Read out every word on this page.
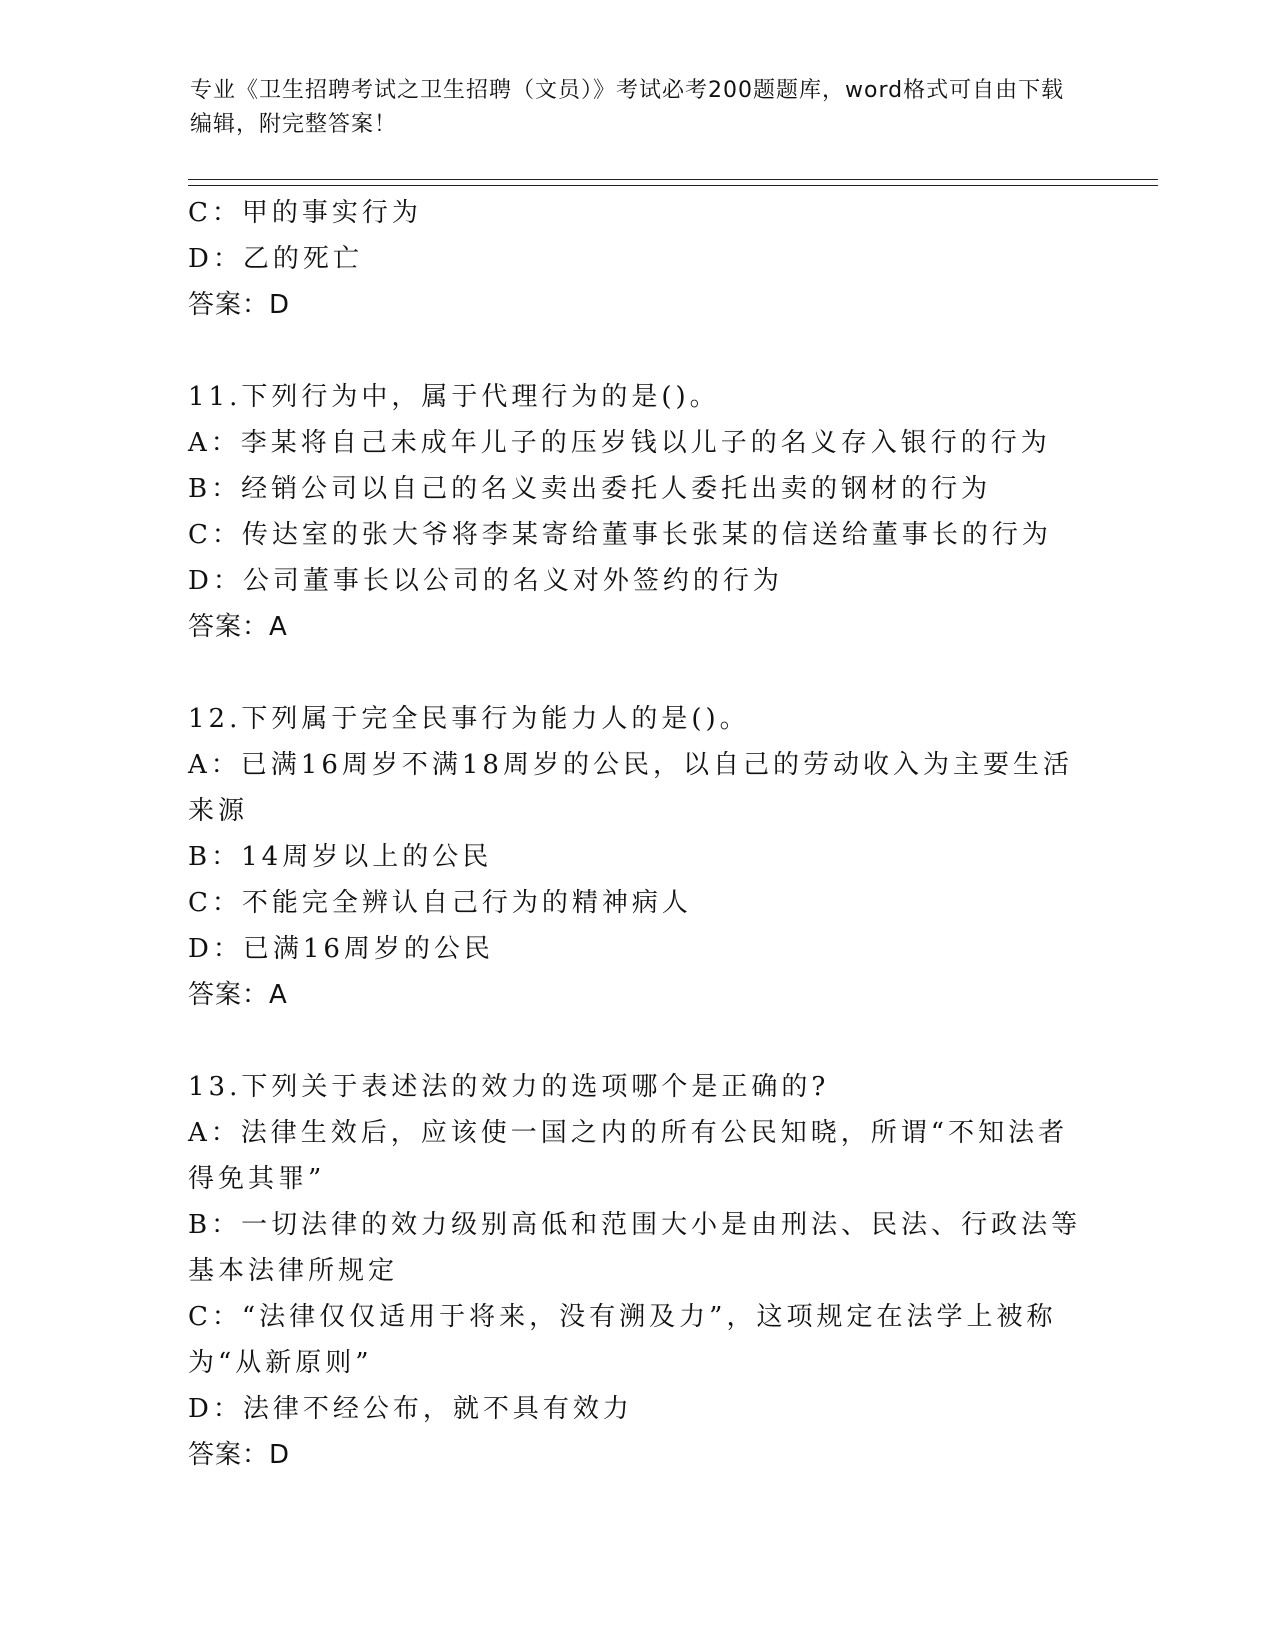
专业《卫生招聘考试之卫生招聘（文员）》考试必考200题题库，word格式可自由下载编辑，附完整答案！
C：甲的事实行为
D：乙的死亡
答案：D
11.下列行为中，属于代理行为的是()。
A：李某将自己未成年儿子的压岁钱以儿子的名义存入银行的行为
B：经销公司以自己的名义卖出委托人委托出卖的钢材的行为
C：传达室的张大爷将李某寄给董事长张某的信送给董事长的行为
D：公司董事长以公司的名义对外签约的行为
答案：A
12.下列属于完全民事行为能力人的是()。
A：已满16周岁不满18周岁的公民，以自己的劳动收入为主要生活来源
B：14周岁以上的公民
C：不能完全辨认自己行为的精神病人
D：已满16周岁的公民
答案：A
13.下列关于表述法的效力的选项哪个是正确的?
A：法律生效后，应该使一国之内的所有公民知晓，所谓“不知法者得免其罪”
B：一切法律的效力级别高低和范围大小是由刑法、民法、行政法等基本法律所规定
C：“法律仅仅适用于将来，没有溯及力”，这项规定在法学上被称为“从新原则”
D：法律不经公布，就不具有效力
答案：D
